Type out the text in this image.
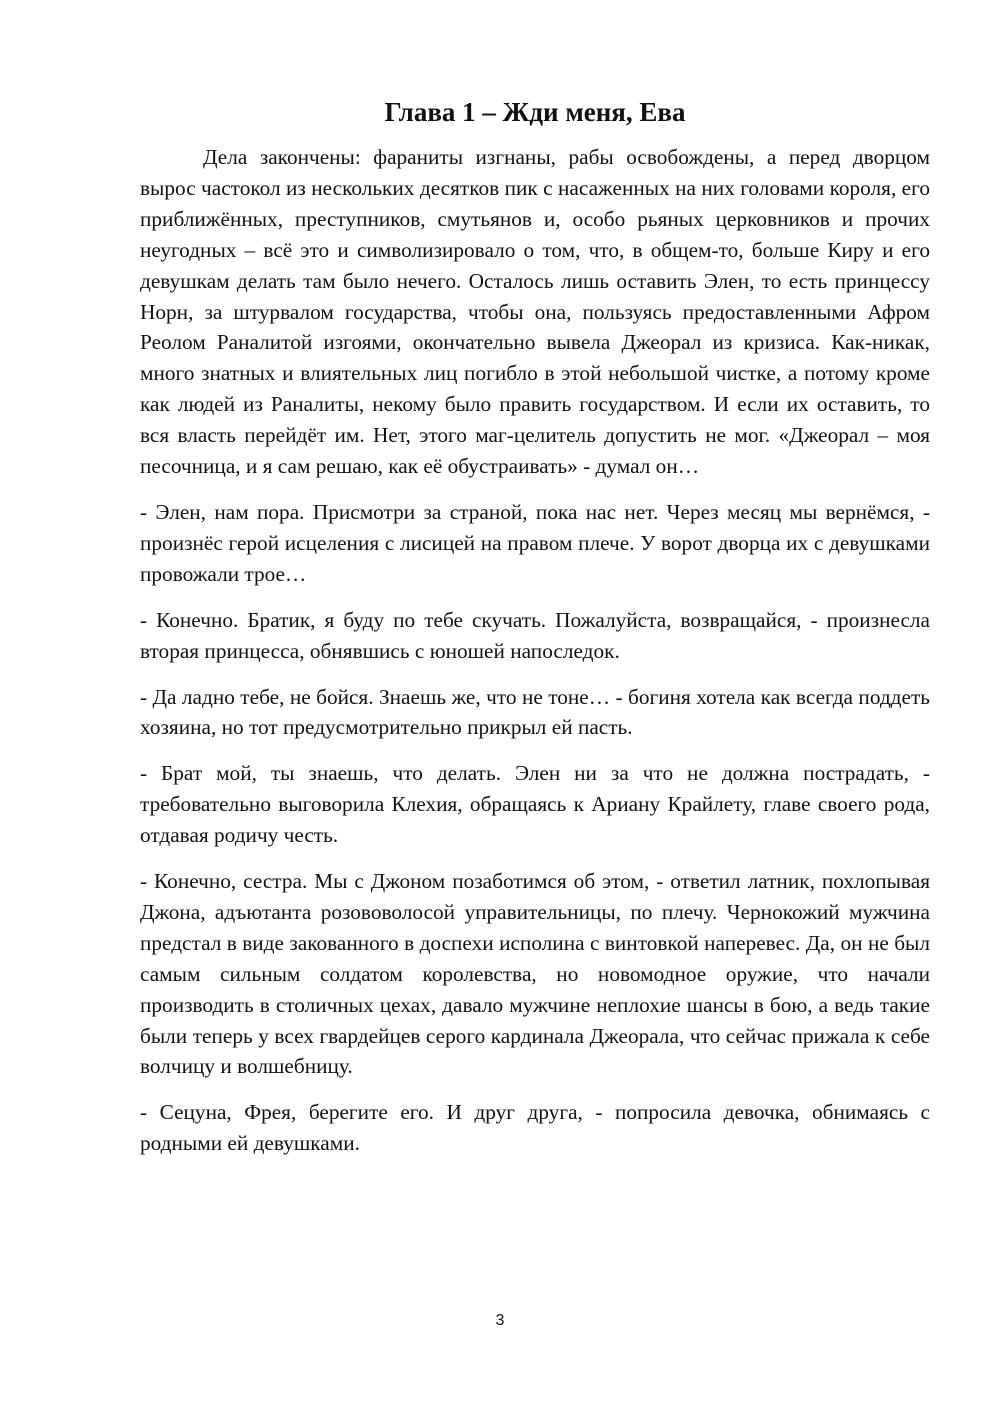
Глава 1 – Жди меня, Ева

Дела закончены: фараниты изгнаны, рабы освобождены, а перед дворцом вырос частокол из нескольких десятков пик с насаженных на них головами короля, его приближённых, преступников, смутьянов и, особо рьяных церковников и прочих неугодных – всё это и символизировало о том, что, в общем-то, больше Киру и его девушкам делать там было нечего. Осталось лишь оставить Элен, то есть принцессу Норн, за штурвалом государства, чтобы она, пользуясь предоставленными Афром Реолом Раналитой изгоями, окончательно вывела Джеорал из кризиса. Как-никак, много знатных и влиятельных лиц погибло в этой небольшой чистке, а потому кроме как людей из Раналиты, некому было править государством. И если их оставить, то вся власть перейдёт им. Нет, этого маг-целитель допустить не мог. «Джеорал – моя песочница, и я сам решаю, как её обустраивать» - думал он…

- Элен, нам пора. Присмотри за страной, пока нас нет. Через месяц мы вернёмся, - произнёс герой исцеления с лисицей на правом плече. У ворот дворца их с девушками провожали трое…

- Конечно. Братик, я буду по тебе скучать. Пожалуйста, возвращайся, - произнесла вторая принцесса, обнявшись с юношей напоследок.

- Да ладно тебе, не бойся. Знаешь же, что не тоне… - богиня хотела как всегда поддеть хозяина, но тот предусмотрительно прикрыл ей пасть.

- Брат мой, ты знаешь, что делать. Элен ни за что не должна пострадать, - требовательно выговорила Клехия, обращаясь к Ариану Крайлету, главе своего рода, отдавая родичу честь.

- Конечно, сестра. Мы с Джоном позаботимся об этом, - ответил латник, похлопывая Джона, адъютанта розововолосой управительницы, по плечу. Чернокожий мужчина предстал в виде закованного в доспехи исполина с винтовкой наперевес. Да, он не был самым сильным солдатом королевства, но новомодное оружие, что начали производить в столичных цехах, давало мужчине неплохие шансы в бою, а ведь такие были теперь у всех гвардейцев серого кардинала Джеорала, что сейчас прижала к себе волчицу и волшебницу.

- Сецуна, Фрея, берегите его. И друг друга, - попросила девочка, обнимаясь с родными ей девушками.

3
